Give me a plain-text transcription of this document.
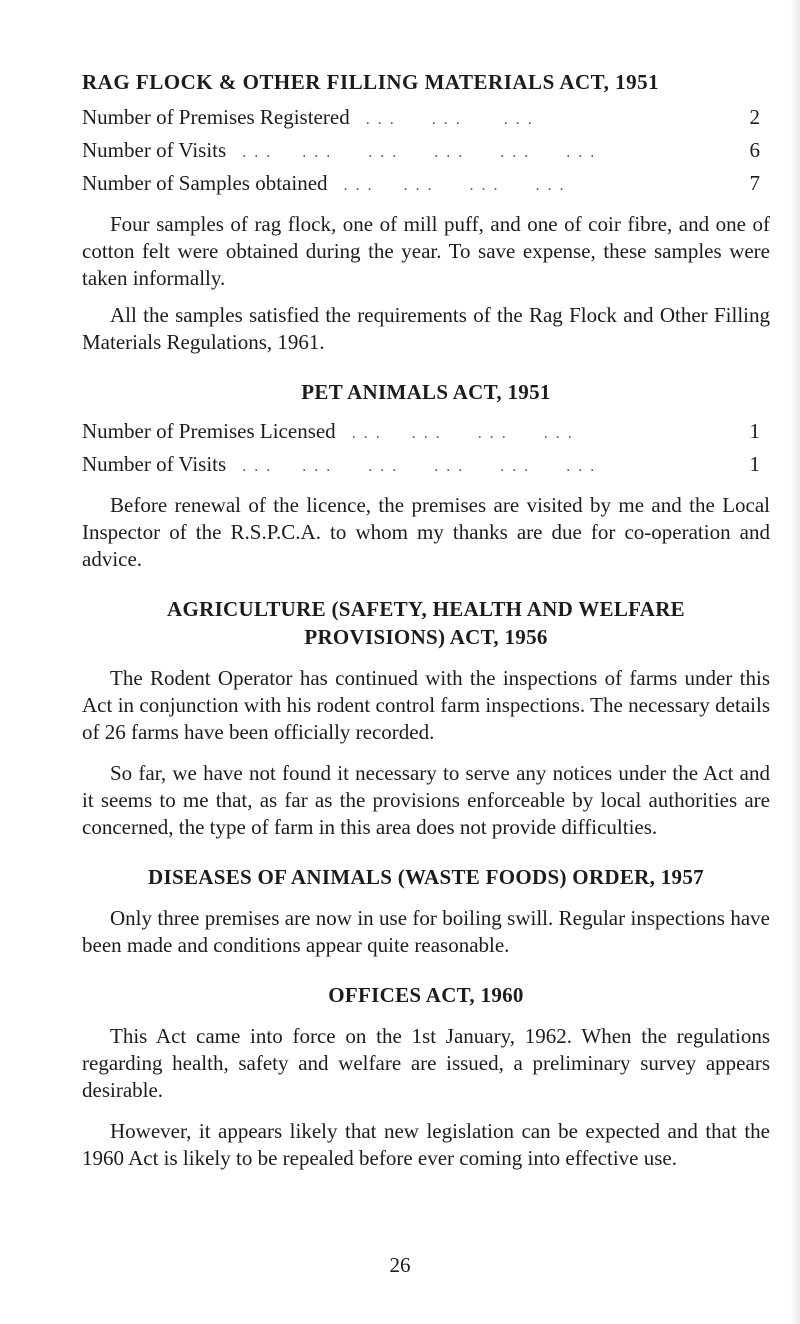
RAG FLOCK & OTHER FILLING MATERIALS ACT, 1951
Number of Premises Registered . . .      . . .       . . .	2
Number of Visits . . .     . . .      . . .      . . .      . . .      . . .	6
Number of Samples obtained . . .     . . .      . . .      . . .	7

Four samples of rag flock, one of mill puff, and one of coir fibre, and one of cotton felt were obtained during the year. To save expense, these samples were taken informally.

All the samples satisfied the requirements of the Rag Flock and Other Filling Materials Regulations, 1961.

PET ANIMALS ACT, 1951
Number of Premises Licensed . . .     . . .      . . .      . . .	1
Number of Visits . . .     . . .      . . .      . . .      . . .      . . .	1

Before renewal of the licence, the premises are visited by me and the Local Inspector of the R.S.P.C.A. to whom my thanks are due for co-operation and advice.

AGRICULTURE (SAFETY, HEALTH AND WELFARE
PROVISIONS) ACT, 1956

The Rodent Operator has continued with the inspections of farms under this Act in conjunction with his rodent control farm inspections. The necessary details of 26 farms have been officially recorded.

So far, we have not found it necessary to serve any notices under the Act and it seems to me that, as far as the provisions enforceable by local authorities are concerned, the type of farm in this area does not provide difficulties.

DISEASES OF ANIMALS (WASTE FOODS) ORDER, 1957

Only three premises are now in use for boiling swill. Regular inspections have been made and conditions appear quite reasonable.

OFFICES ACT, 1960

This Act came into force on the 1st January, 1962. When the regulations regarding health, safety and welfare are issued, a preliminary survey appears desirable.

However, it appears likely that new legislation can be expected and that the 1960 Act is likely to be repealed before ever coming into effective use.

26
